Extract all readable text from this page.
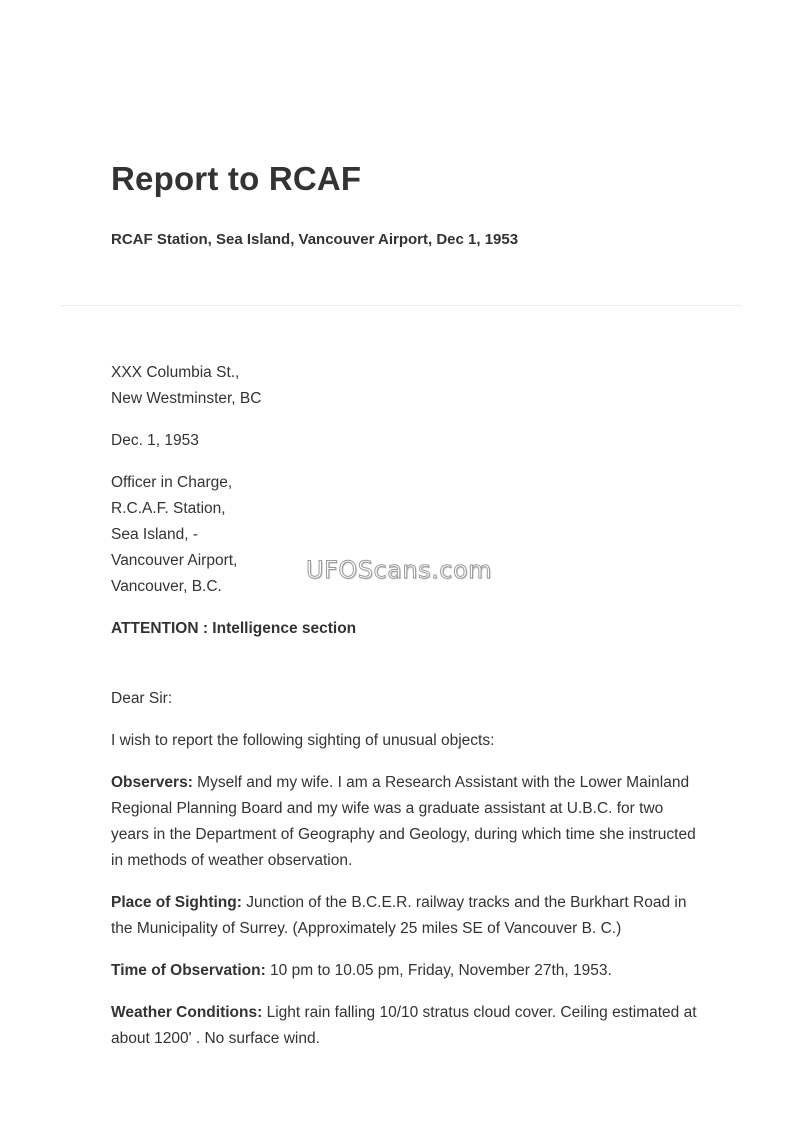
Report to RCAF
RCAF Station, Sea Island, Vancouver Airport, Dec 1, 1953

XXX Columbia St.,
New Westminster, BC

Dec. 1, 1953

Officer in Charge,
R.C.A.F. Station,
Sea Island, -
Vancouver Airport,
Vancouver, B.C.

ATTENTION : Intelligence section

Dear Sir:

I wish to report the following sighting of unusual objects:

Observers: Myself and my wife. I am a Research Assistant with the Lower Mainland Regional Planning Board and my wife was a graduate assistant at U.B.C. for two years in the Department of Geography and Geology, during which time she instructed in methods of weather observation.

Place of Sighting: Junction of the B.C.E.R. railway tracks and the Burkhart Road in the Municipality of Surrey. (Approximately 25 miles SE of Vancouver B. C.)

Time of Observation: 10 pm to 10.05 pm, Friday, November 27th, 1953.

Weather Conditions: Light rain falling 10/10 stratus cloud cover. Ceiling estimated at about 1200' . No surface wind.

UFOScans.com
